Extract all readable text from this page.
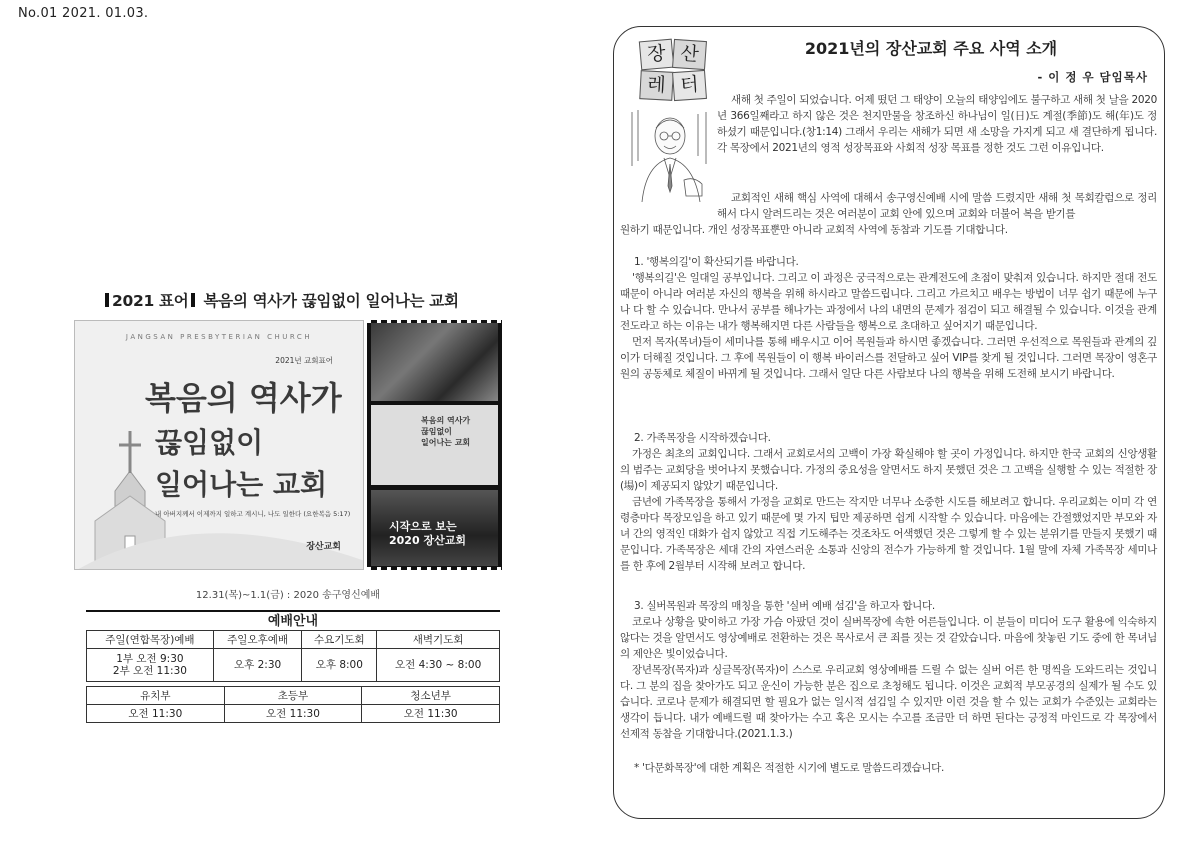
No.01 2021. 01.03.
2021 표어 복음의 역사가 끊임없이 일어나는 교회
JANGSAN PRESBYTERIAN CHURCH
2021년 교회표어
복음의 역사가
끊임없이
일어나는 교회
내 아버지께서 이제까지 일하고 계시니, 나도 일한다 (요한복음 5:17)
장산교회
복음의 역사가
끊임없이
일어나는 교회
시작으로 보는
2020 장산교회
12.31(목)~1.1(금) : 2020 송구영신예배
예배안내
주일(연합목장)예배	주일오후예배	수요기도회	새벽기도회
1부 오전 9:30
2부 오전 11:30	오후 2:30	오후 8:00	오전 4:30 ~ 8:00
유치부	초등부	청소년부
오전 11:30	오전 11:30	오전 11:30
장 산
레 터
2021년의 장산교회 주요 사역 소개
- 이 정 우 담임목사
새해 첫 주일이 되었습니다. 어제 떴던 그 태양이 오늘의 태양임에도 불구하고 새해 첫 날을 2020년 366일째라고 하지 않은 것은 천지만물을 창조하신 하나님이 일(日)도 계절(季節)도 해(年)도 정하셨기 때문입니다.(창1:14) 그래서 우리는 새해가 되면 새 소망을 가지게 되고 새 결단하게 됩니다. 각 목장에서 2021년의 영적 성장목표와 사회적 성장 목표를 정한 것도 그런 이유입니다.
교회적인 새해 핵심 사역에 대해서 송구영신예배 시에 말씀 드렸지만 새해 첫 목회칼럼으로 정리해서 다시 알려드리는 것은 여러분이 교회 안에 있으며 교회와 더불어 복을 받기를
원하기 때문입니다. 개인 성장목표뿐만 아니라 교회적 사역에 동참과 기도를 기대합니다.
1. '행복의길'이 확산되기를 바랍니다.
'행복의길'은 일대일 공부입니다. 그리고 이 과정은 궁극적으로는 관계전도에 초점이 맞춰져 있습니다. 하지만 절대 전도 때문이 아니라 여러분 자신의 행복을 위해 하시라고 말씀드립니다. 그리고 가르치고 배우는 방법이 너무 쉽기 때문에 누구나 다 할 수 있습니다. 만나서 공부를 해나가는 과정에서 나의 내면의 문제가 점검이 되고 해결될 수 있습니다. 이것을 관계전도라고 하는 이유는 내가 행복해지면 다른 사람들을 행복으로 초대하고 싶어지기 때문입니다.
먼저 목자(목녀)들이 세미나를 통해 배우시고 이어 목원들과 하시면 좋겠습니다. 그러면 우선적으로 목원들과 관계의 깊이가 더해질 것입니다. 그 후에 목원들이 이 행복 바이러스를 전달하고 싶어 VIP를 찾게 될 것입니다. 그러면 목장이 영혼구원의 공동체로 체질이 바뀌게 될 것입니다. 그래서 일단 다른 사람보다 나의 행복을 위해 도전해 보시기 바랍니다.
2. 가족목장을 시작하겠습니다.
가정은 최초의 교회입니다. 그래서 교회로서의 고백이 가장 확실해야 할 곳이 가정입니다. 하지만 한국 교회의 신앙생활의 범주는 교회당을 벗어나지 못했습니다. 가정의 중요성을 알면서도 하지 못했던 것은 그 고백을 실행할 수 있는 적절한 장(場)이 제공되지 않았기 때문입니다.
금년에 가족목장을 통해서 가정을 교회로 만드는 작지만 너무나 소중한 시도를 해보려고 합니다. 우리교회는 이미 각 연령층마다 목장모임을 하고 있기 때문에 몇 가지 팁만 제공하면 쉽게 시작할 수 있습니다. 마음에는 간절했었지만 부모와 자녀 간의 영적인 대화가 쉽지 않았고 직접 기도해주는 것조차도 어색했던 것은 그렇게 할 수 있는 분위기를 만들지 못했기 때문입니다. 가족목장은 세대 간의 자연스러운 소통과 신앙의 전수가 가능하게 할 것입니다. 1월 말에 자체 가족목장 세미나를 한 후에 2월부터 시작해 보려고 합니다.
3. 실버목원과 목장의 매칭을 통한 '실버 예배 섬김'을 하고자 합니다.
코로나 상황을 맞이하고 가장 가슴 아팠던 것이 실버목장에 속한 어른들입니다. 이 분들이 미디어 도구 활용에 익숙하지 않다는 것을 알면서도 영상예배로 전환하는 것은 목사로서 큰 죄를 짓는 것 같았습니다. 마음에 찻놓린 기도 중에 한 목녀님의 제안은 빛이었습니다.
장년목장(목자)과 싱글목장(목자)이 스스로 우리교회 영상예배를 드릴 수 없는 실버 어른 한 명씩을 도와드리는 것입니다. 그 분의 집을 찾아가도 되고 운신이 가능한 분은 집으로 초청해도 됩니다. 이것은 교회적 부모공경의 실제가 될 수도 있습니다. 코로나 문제가 해결되면 할 필요가 없는 일시적 섬김일 수 있지만 이런 것을 할 수 있는 교회가 수준있는 교회라는 생각이 듭니다. 내가 예배드릴 때 찾아가는 수고 혹은 모시는 수고를 조금만 더 하면 된다는 긍정적 마인드로 각 목장에서 선제적 동참을 기대합니다.(2021.1.3.)
* '다문화목장'에 대한 계획은 적절한 시기에 별도로 말씀드리겠습니다.
